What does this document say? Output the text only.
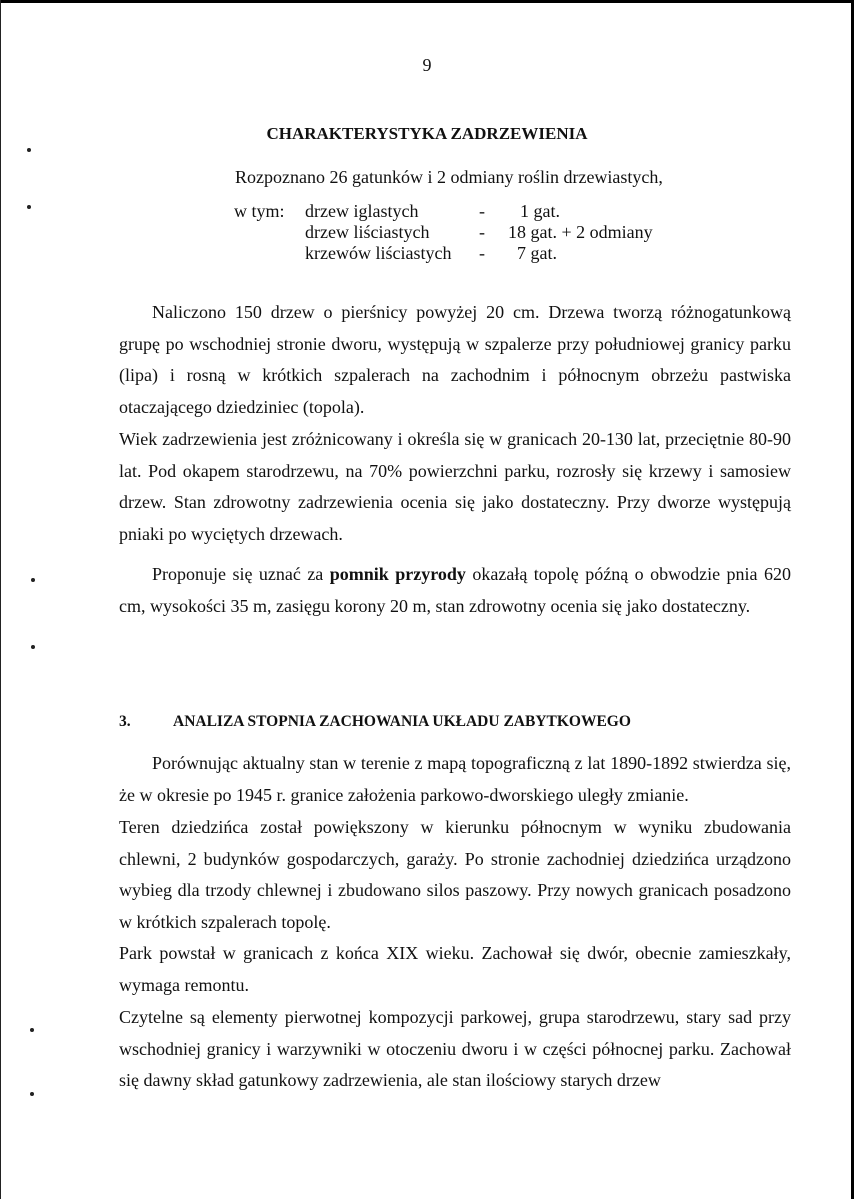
9
CHARAKTERYSTYKA ZADRZEWIENIA
Rozpoznano 26 gatunków i 2 odmiany roślin drzewiastych,
w tym: drzew iglastych	- 1 gat.
drzew liściastych	- 18 gat. + 2 odmiany
krzewów liściastych - 7 gat.

Naliczono 150 drzew o pierśnicy powyżej 20 cm. Drzewa tworzą różnogatunkową grupę po wschodniej stronie dworu, występują w szpalerze przy południowej granicy parku (lipa) i rosną w krótkich szpalerach na zachodnim i północnym obrzeżu pastwiska otaczającego dziedziniec (topola).

Wiek zadrzewienia jest zróżnicowany i określa się w granicach 20-130 lat, przeciętnie 80-90 lat. Pod okapem starodrzewu, na 70% powierzchni parku, rozrosły się krzewy i samosiew drzew. Stan zdrowotny zadrzewienia ocenia się jako dostateczny. Przy dworze występują pniaki po wyciętych drzewach.

Proponuje się uznać za pomnik przyrody okazałą topolę późną o obwodzie pnia 620 cm, wysokości 35 m, zasięgu korony 20 m, stan zdrowotny ocenia się jako dostateczny.

3.	ANALIZA STOPNIA ZACHOWANIA UKŁADU ZABYTKOWEGO

Porównując aktualny stan w terenie z mapą topograficzną z lat 1890-1892 stwierdza się, że w okresie po 1945 r. granice założenia parkowo-dworskiego uległy zmianie.

Teren dziedzińca został powiększony w kierunku północnym w wyniku zbudowania chlewni, 2 budynków gospodarczych, garaży. Po stronie zachodniej dziedzińca urządzono wybieg dla trzody chlewnej i zbudowano silos paszowy. Przy nowych granicach posadzono w krótkich szpalerach topolę.

Park powstał w granicach z końca XIX wieku. Zachował się dwór, obecnie zamieszkały, wymaga remontu.

Czytelne są elementy pierwotnej kompozycji parkowej, grupa starodrzewu, stary sad przy wschodniej granicy i warzywniki w otoczeniu dworu i w części północnej parku. Zachował się dawny skład gatunkowy zadrzewienia, ale stan ilościowy starych drzew
